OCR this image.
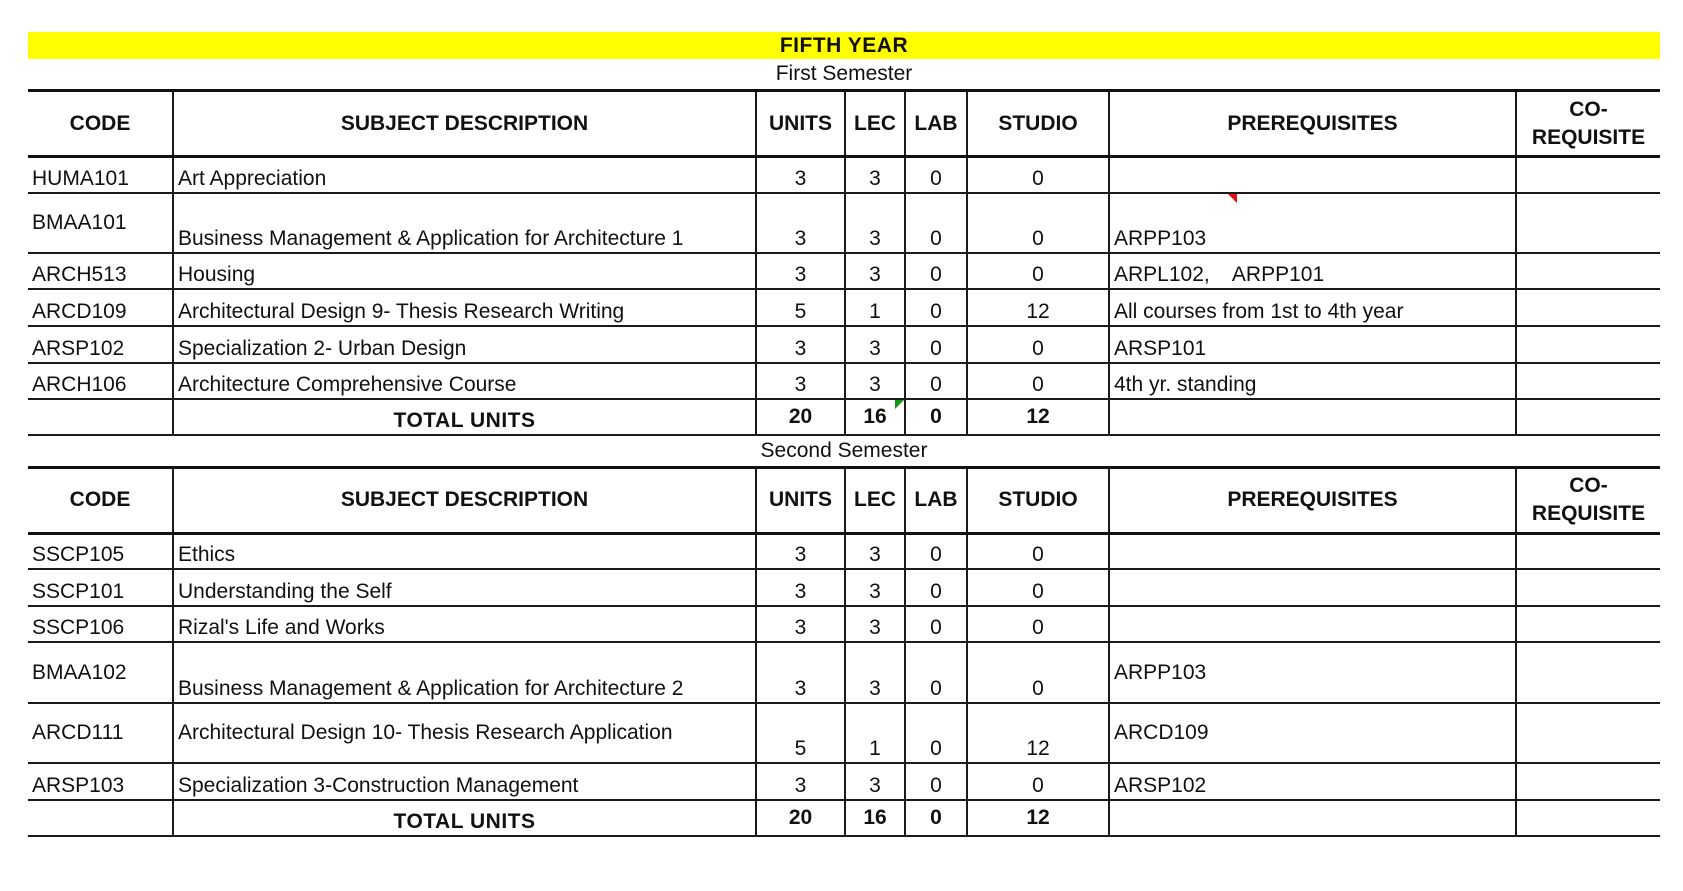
FIFTH YEAR
First Semester
CODE	SUBJECT DESCRIPTION	UNITS	LEC	LAB	STUDIO	PREREQUISITES	CO-REQUISITE
HUMA101	Art Appreciation	3	3	0	0		
BMAA101	Business Management & Application for Architecture 1	3	3	0	0	ARPP103	
ARCH513	Housing	3	3	0	0	ARPL102,    ARPP101	
ARCD109	Architectural Design 9- Thesis Research Writing	5	1	0	12	All courses from 1st to 4th year	
ARSP102	Specialization 2- Urban Design	3	3	0	0	ARSP101	
ARCH106	Architecture Comprehensive Course	3	3	0	0	4th yr. standing	
	TOTAL UNITS	20	16	0	12		
Second Semester
CODE	SUBJECT DESCRIPTION	UNITS	LEC	LAB	STUDIO	PREREQUISITES	CO-REQUISITE
SSCP105	Ethics	3	3	0	0		
SSCP101	Understanding the Self	3	3	0	0		
SSCP106	Rizal's Life and Works	3	3	0	0		
BMAA102	Business Management & Application for Architecture 2	3	3	0	0	ARPP103	
ARCD111	Architectural Design 10- Thesis Research Application	5	1	0	12	ARCD109	
ARSP103	Specialization 3-Construction Management	3	3	0	0	ARSP102	
	TOTAL UNITS	20	16	0	12		
